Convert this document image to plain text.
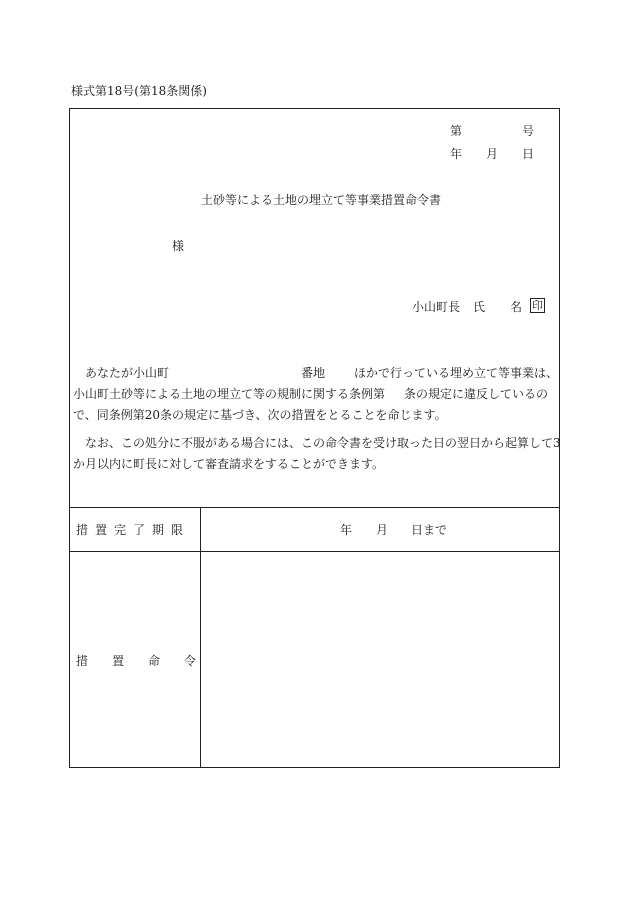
様式第18号(第18条関係)
第	号
年 月 日
土砂等による土地の埋立て等事業措置命令書
様
小山町長 氏 名 印
あなたが小山町	番地 ほかで行っている埋め立て等事業は、
小山町土砂等による土地の埋立て等の規制に関する条例第 条の規定に違反しているの
で、同条例第20条の規定に基づき、次の措置をとることを命じます。
なお、この処分に不服がある場合には、この命令書を受け取った日の翌日から起算して3
か月以内に町長に対して審査請求をすることができます。
措置完了期限	年 月 日まで
措置命令
